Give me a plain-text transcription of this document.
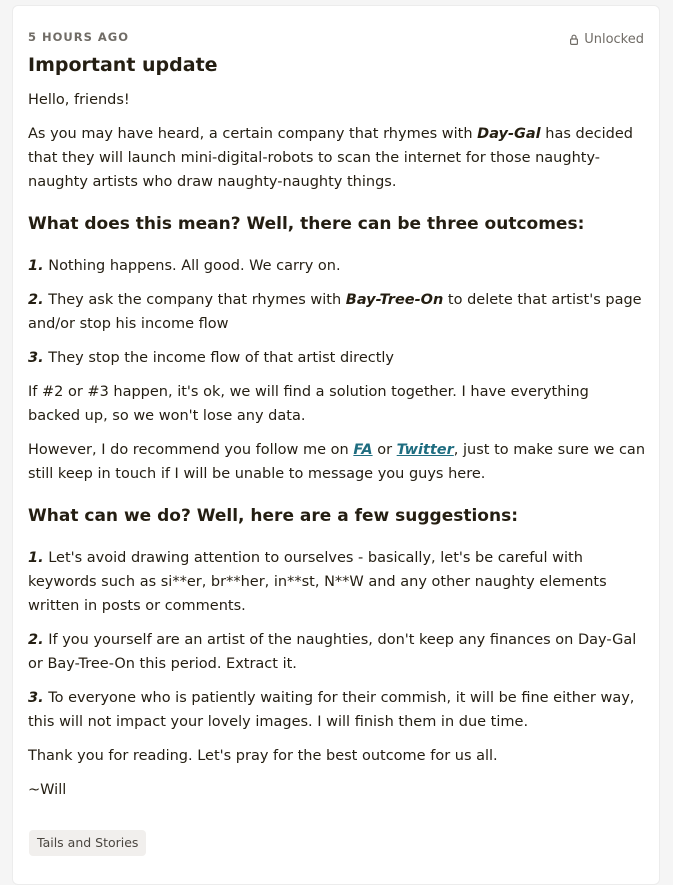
5 HOURS AGO	Unlocked
Important update

Hello, friends!

As you may have heard, a certain company that rhymes with Day-Gal has decided that they will launch mini-digital-robots to scan the internet for those naughty-naughty artists who draw naughty-naughty things.

What does this mean? Well, there can be three outcomes:

1. Nothing happens. All good. We carry on.

2. They ask the company that rhymes with Bay-Tree-On to delete that artist's page and/or stop his income flow

3. They stop the income flow of that artist directly

If #2 or #3 happen, it's ok, we will find a solution together. I have everything backed up, so we won't lose any data.

However, I do recommend you follow me on FA or Twitter, just to make sure we can still keep in touch if I will be unable to message you guys here.

What can we do? Well, here are a few suggestions:

1. Let's avoid drawing attention to ourselves - basically, let's be careful with keywords such as si**er, br**her, in**st, N**W and any other naughty elements written in posts or comments.

2. If you yourself are an artist of the naughties, don't keep any finances on Day-Gal or Bay-Tree-On this period. Extract it.

3. To everyone who is patiently waiting for their commish, it will be fine either way, this will not impact your lovely images. I will finish them in due time.

Thank you for reading. Let's pray for the best outcome for us all.

~Will

Tails and Stories
